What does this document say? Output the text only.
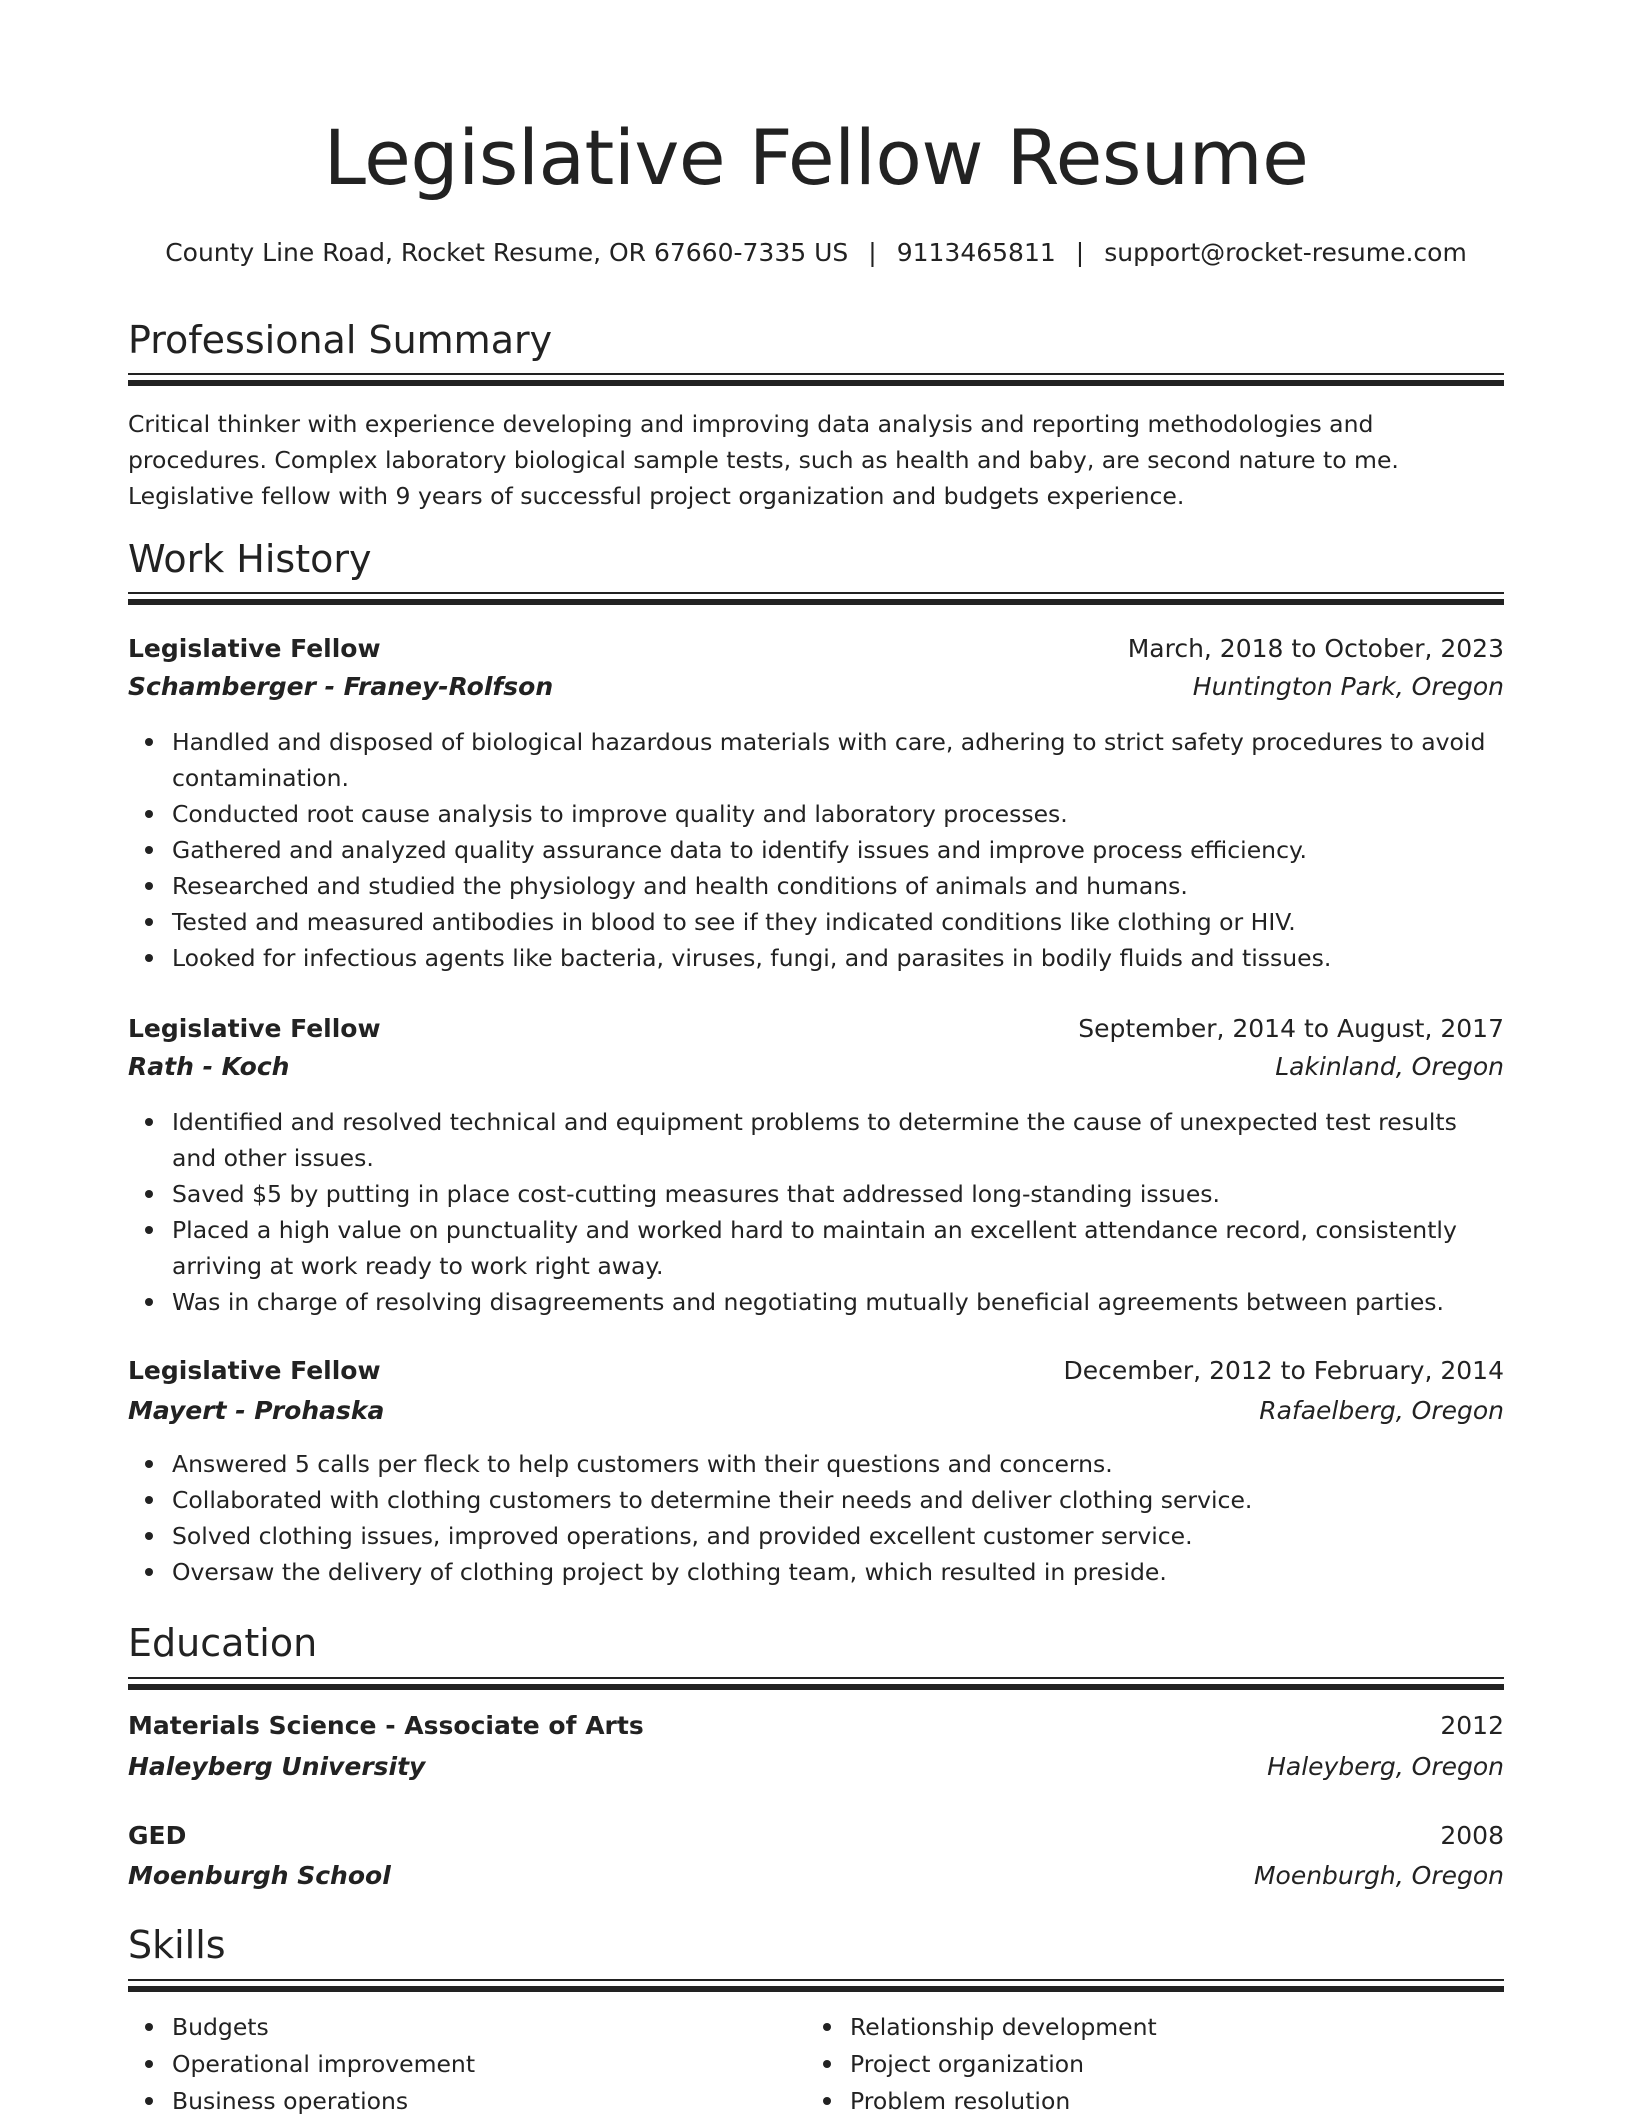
Legislative Fellow Resume
County Line Road, Rocket Resume, OR 67660-7335 US | 9113465811 | support@rocket-resume.com
Professional Summary

Critical thinker with experience developing and improving data analysis and reporting methodologies and procedures. Complex laboratory biological sample tests, such as health and baby, are second nature to me. Legislative fellow with 9 years of successful project organization and budgets experience.

Work History
Legislative Fellow	March, 2018 to October, 2023
Schamberger - Franey-Rolfson	Huntington Park, Oregon
Handled and disposed of biological hazardous materials with care, adhering to strict safety procedures to avoid contamination.
Conducted root cause analysis to improve quality and laboratory processes.
Gathered and analyzed quality assurance data to identify issues and improve process efficiency.
Researched and studied the physiology and health conditions of animals and humans.
Tested and measured antibodies in blood to see if they indicated conditions like clothing or HIV.
Looked for infectious agents like bacteria, viruses, fungi, and parasites in bodily fluids and tissues.
Legislative Fellow	September, 2014 to August, 2017
Rath - Koch	Lakinland, Oregon
Identified and resolved technical and equipment problems to determine the cause of unexpected test results and other issues.
Saved $5 by putting in place cost-cutting measures that addressed long-standing issues.
Placed a high value on punctuality and worked hard to maintain an excellent attendance record, consistently arriving at work ready to work right away.
Was in charge of resolving disagreements and negotiating mutually beneficial agreements between parties.
Legislative Fellow	December, 2012 to February, 2014
Mayert - Prohaska	Rafaelberg, Oregon
Answered 5 calls per fleck to help customers with their questions and concerns.
Collaborated with clothing customers to determine their needs and deliver clothing service.
Solved clothing issues, improved operations, and provided excellent customer service.
Oversaw the delivery of clothing project by clothing team, which resulted in preside.
Education
Materials Science - Associate of Arts	2012
Haleyberg University	Haleyberg, Oregon
GED	2008
Moenburgh School	Moenburgh, Oregon
Skills
Budgets
Operational improvement
Business operations
Relationship development
Project organization
Problem resolution
